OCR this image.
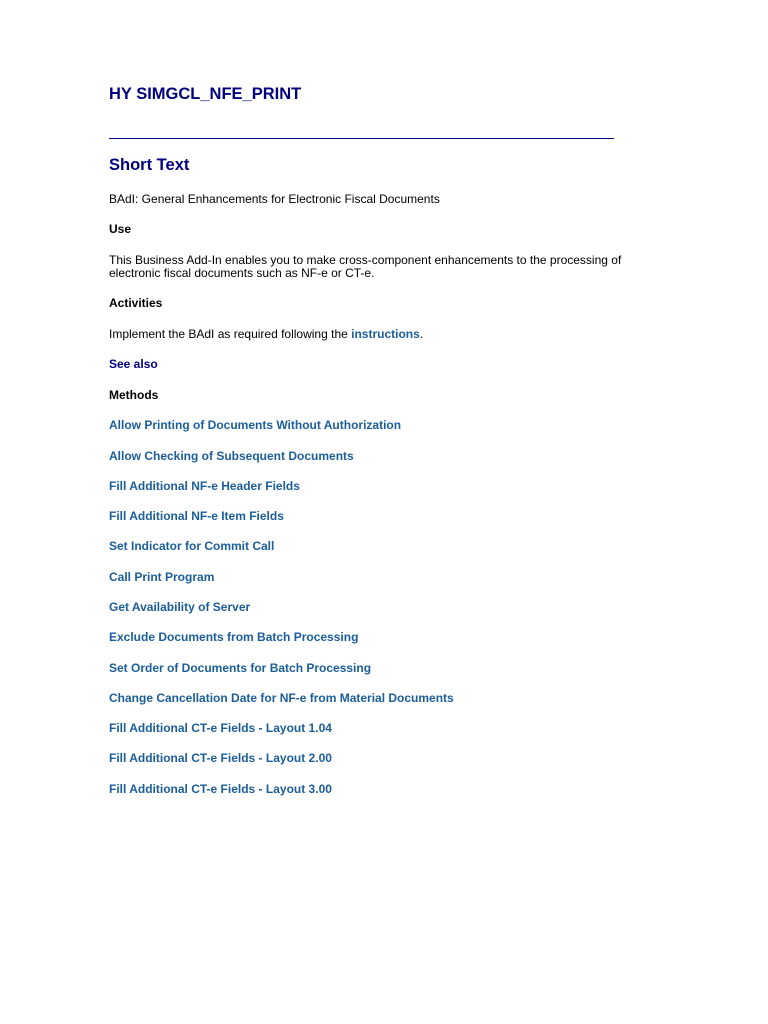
HY SIMGCL_NFE_PRINT
Short Text
BAdI: General Enhancements for Electronic Fiscal Documents
Use
This Business Add-In enables you to make cross-component enhancements to the processing of electronic fiscal documents such as NF-e or CT-e.
Activities
Implement the BAdI as required following the instructions.
See also
Methods
Allow Printing of Documents Without Authorization
Allow Checking of Subsequent Documents
Fill Additional NF-e Header Fields
Fill Additional NF-e Item Fields
Set Indicator for Commit Call
Call Print Program
Get Availability of Server
Exclude Documents from Batch Processing
Set Order of Documents for Batch Processing
Change Cancellation Date for NF-e from Material Documents
Fill Additional CT-e Fields - Layout 1.04
Fill Additional CT-e Fields - Layout 2.00
Fill Additional CT-e Fields - Layout 3.00
